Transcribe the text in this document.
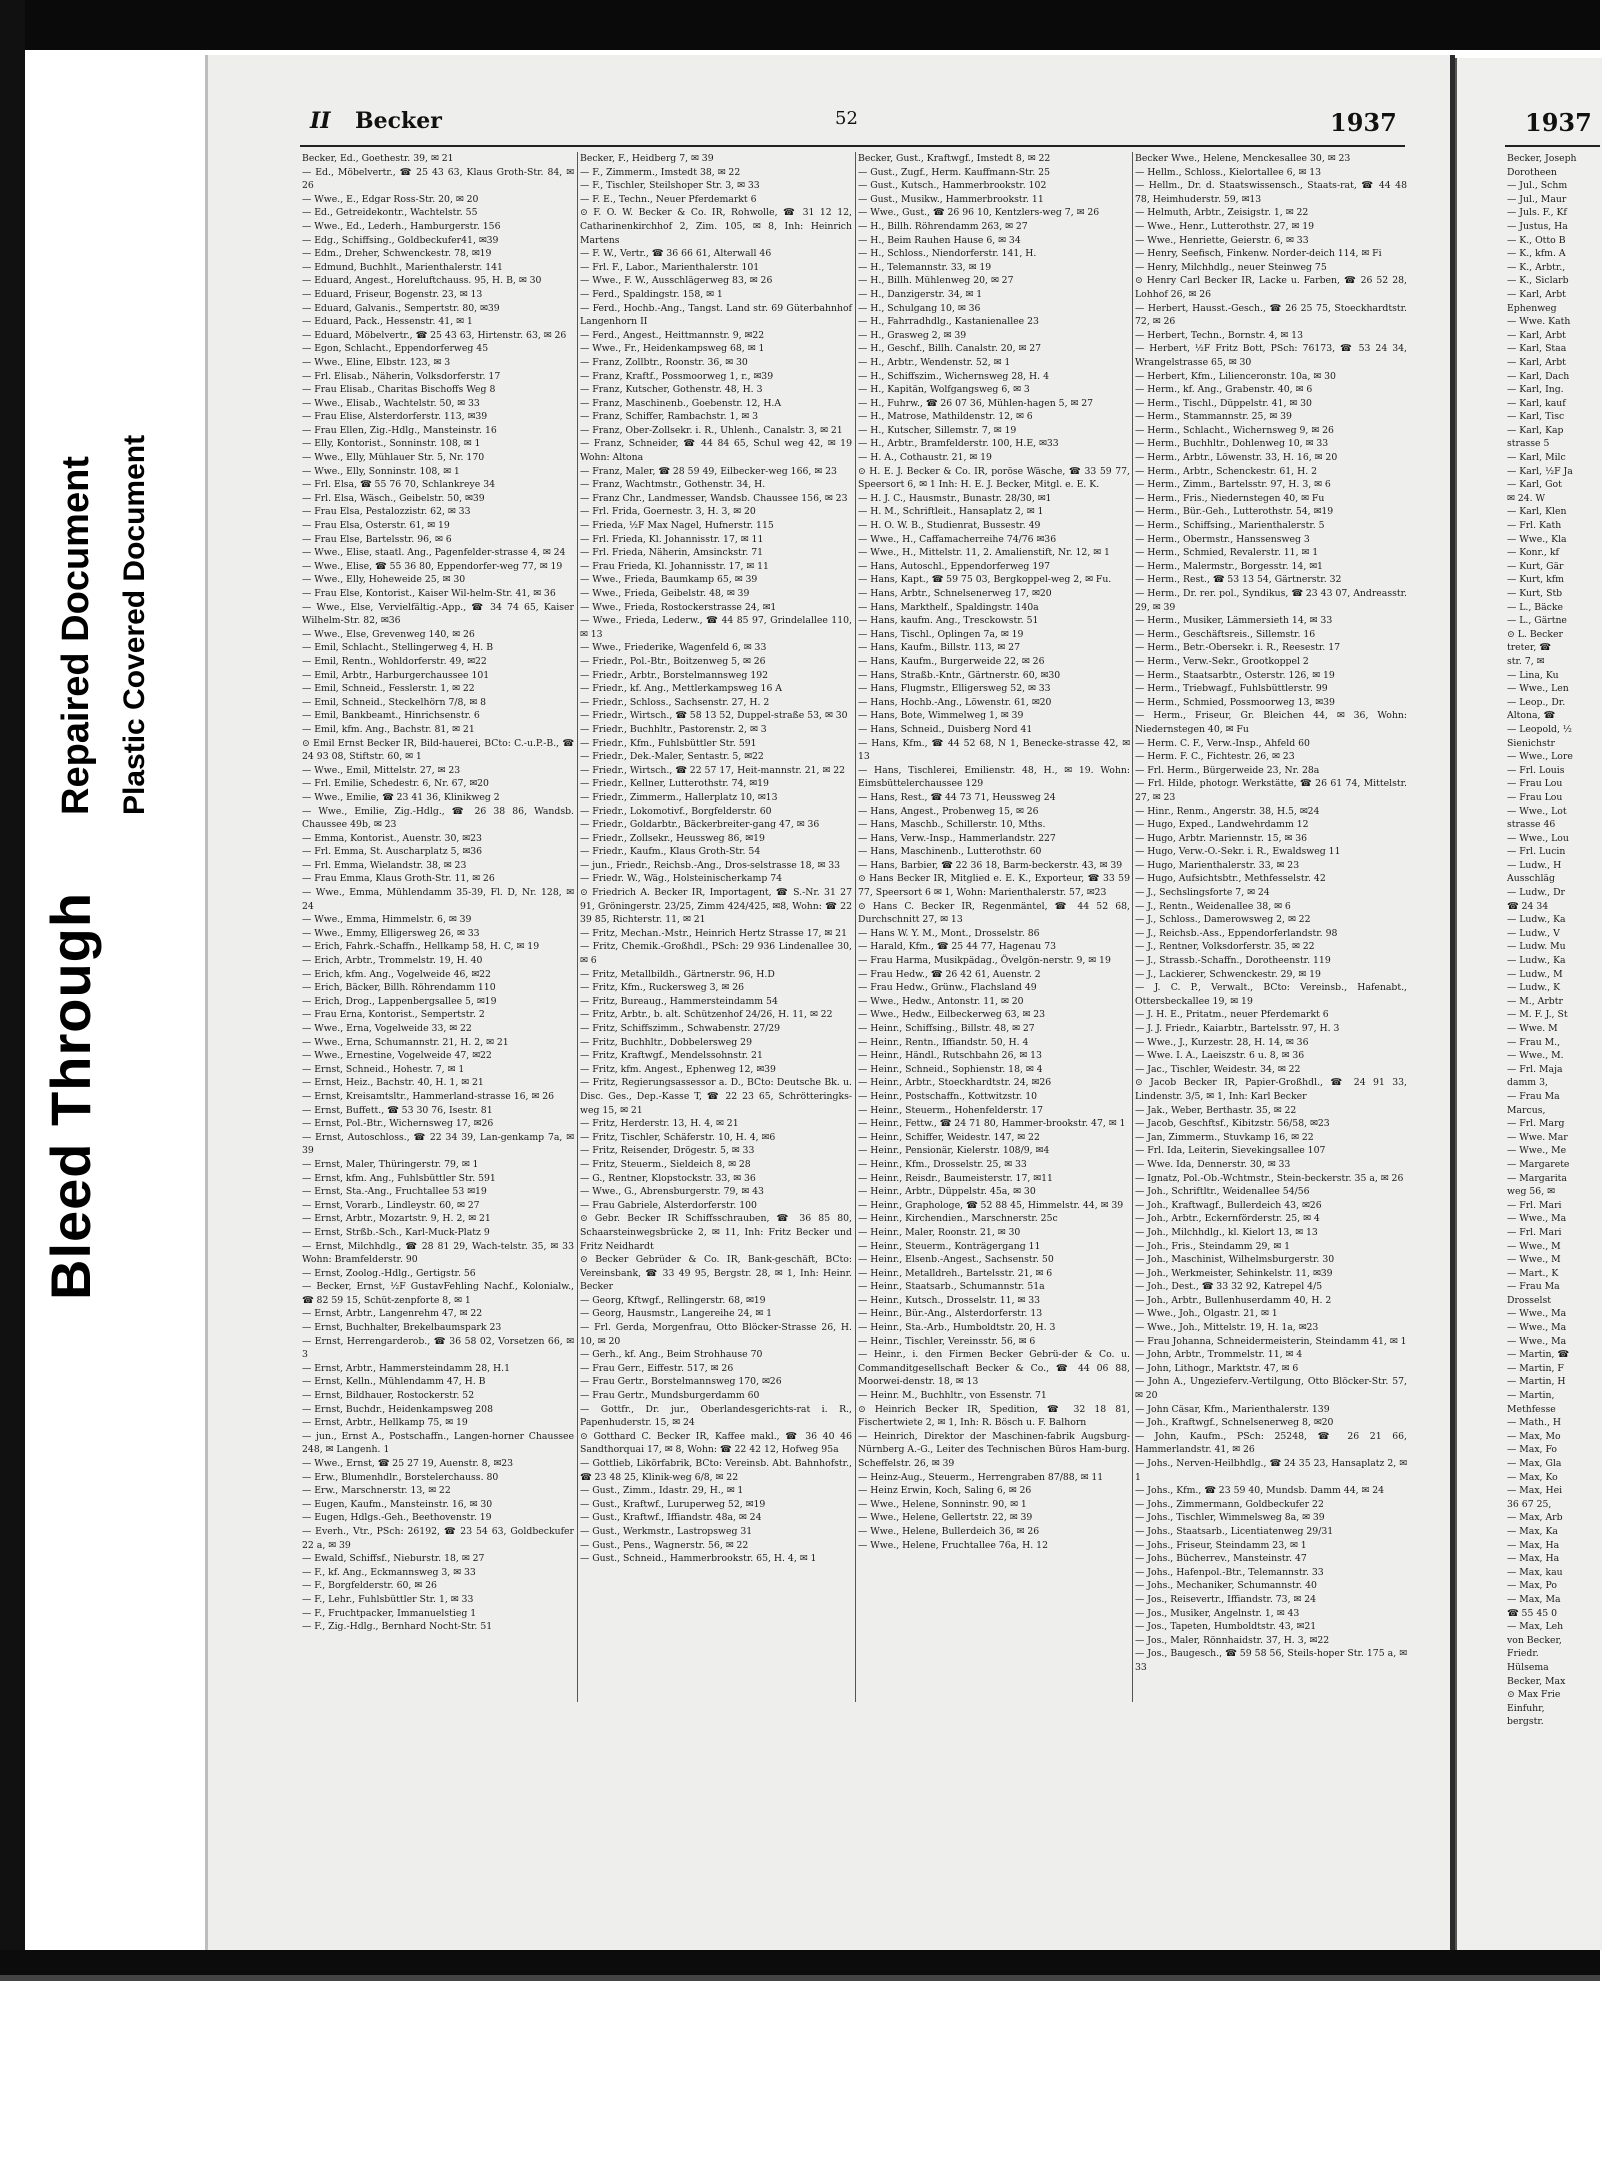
Bleed Through
Repaired Document Plastic Covered Document
II Becker	52	1937	1937

Becker, Ed., Goethestr. 39, ✉ 21

— Ed., Möbelvertr., ☎ 25 43 63, Klaus Groth-Str. 84, ✉ 26

— Wwe., E., Edgar Ross-Str. 20, ✉ 20

— Ed., Getreidekontr., Wachtelstr. 55

— Wwe., Ed., Lederh., Hamburgerstr. 156

— Edg., Schiffsing., Goldbeckufer41, ✉39

— Edm., Dreher, Schwenckestr. 78, ✉19

— Edmund, Buchhlt., Marienthalerstr. 141

— Eduard, Angest., Horeluftchauss. 95, H. B, ✉ 30

— Eduard, Friseur, Bogenstr. 23, ✉ 13

— Eduard, Galvanis., Sempertstr. 80, ✉39

— Eduard, Pack., Hessenstr. 41, ✉ 1

— Eduard, Möbelvertr., ☎ 25 43 63, Hirtenstr. 63, ✉ 26

— Egon, Schlacht., Eppendorferweg 45

— Wwe., Eline, Elbstr. 123, ✉ 3

— Frl. Elisab., Näherin, Volksdorferstr. 17

— Frau Elisab., Charitas Bischoffs Weg 8

— Wwe., Elisab., Wachtelstr. 50, ✉ 33

— Frau Elise, Alsterdorferstr. 113, ✉39

— Frau Ellen, Zig.-Hdlg., Mansteinstr. 16

— Elly, Kontorist., Sonninstr. 108, ✉ 1

— Wwe., Elly, Mühlauer Str. 5, Nr. 170

— Wwe., Elly, Sonninstr. 108, ✉ 1

— Frl. Elsa, ☎ 55 76 70, Schlankreye 34

— Frl. Elsa, Wäsch., Geibelstr. 50, ✉39

— Frau Elsa, Pestalozzistr. 62, ✉ 33

— Frau Elsa, Osterstr. 61, ✉ 19

— Frau Else, Bartelsstr. 96, ✉ 6

— Wwe., Elise, staatl. Ang., Pagenfelder-strasse 4, ✉ 24

— Wwe., Elise, ☎ 55 36 80, Eppendorfer-weg 77, ✉ 19

— Wwe., Elly, Hoheweide 25, ✉ 30

— Frau Else, Kontorist., Kaiser Wil-helm-Str. 41, ✉ 36

— Wwe., Else, Vervielfältig.-App., ☎ 34 74 65, Kaiser Wilhelm-Str. 82, ✉36

— Wwe., Else, Grevenweg 140, ✉ 26

— Emil, Schlacht., Stellingerweg 4, H. B

— Emil, Rentn., Wohldorferstr. 49, ✉22

— Emil, Arbtr., Harburgerchaussee 101

— Emil, Schneid., Fesslerstr. 1, ✉ 22

— Emil, Schneid., Steckelhörn 7/8, ✉ 8

— Emil, Bankbeamt., Hinrichsenstr. 6

— Emil, kfm. Ang., Bachstr. 81, ✉ 21

⊙ Emil Ernst Becker IR, Bild-hauerei, BCto: C.-u.P.-B., ☎ 24 93 08, Stiftstr. 60, ✉ 1

— Wwe., Emil, Mittelstr. 27, ✉ 23

— Frl. Emilie, Schedestr. 6, Nr. 67, ✉20

— Wwe., Emilie, ☎ 23 41 36, Klinikweg 2

— Wwe., Emilie, Zig.-Hdlg., ☎ 26 38 86, Wandsb. Chaussee 49b, ✉ 23

— Emma, Kontorist., Auenstr. 30, ✉23

— Frl. Emma, St. Auscharplatz 5, ✉36

— Frl. Emma, Wielandstr. 38, ✉ 23

— Frau Emma, Klaus Groth-Str. 11, ✉ 26

— Wwe., Emma, Mühlendamm 35-39, Fl. D, Nr. 128, ✉ 24

— Wwe., Emma, Himmelstr. 6, ✉ 39

— Wwe., Emmy, Elligersweg 26, ✉ 33

— Erich, Fahrk.-Schaffn., Hellkamp 58, H. C, ✉ 19

— Erich, Arbtr., Trommelstr. 19, H. 40

— Erich, kfm. Ang., Vogelweide 46, ✉22

— Erich, Bäcker, Billh. Röhrendamm 110

— Erich, Drog., Lappenbergsallee 5, ✉19

— Frau Erna, Kontorist., Sempertstr. 2

— Wwe., Erna, Vogelweide 33, ✉ 22

— Wwe., Erna, Schumannstr. 21, H. 2, ✉ 21

— Wwe., Ernestine, Vogelweide 47, ✉22

— Ernst, Schneid., Hohestr. 7, ✉ 1

— Ernst, Heiz., Bachstr. 40, H. 1, ✉ 21

— Ernst, Kreisamtsltr., Hammerland-strasse 16, ✉ 26

— Ernst, Buffett., ☎ 53 30 76, Isestr. 81

— Ernst, Pol.-Btr., Wichernsweg 17, ✉26

— Ernst, Autoschloss., ☎ 22 34 39, Lan-genkamp 7a, ✉ 39

— Ernst, Maler, Thüringerstr. 79, ✉ 1

— Ernst, kfm. Ang., Fuhlsbüttler Str. 591

— Ernst, Sta.-Ang., Fruchtallee 53 ✉19

— Ernst, Vorarb., Lindleystr. 60, ✉ 27

— Ernst, Arbtr., Mozartstr. 9, H. 2, ✉ 21

— Ernst, Strßb.-Sch., Karl-Muck-Platz 9

— Ernst, Milchhdlg., ☎ 28 81 29, Wach-telstr. 35, ✉ 33 Wohn: Bramfelderstr. 90

— Ernst, Zoolog.-Hdlg., Gertigstr. 56

— Becker, Ernst, ½F GustavFehling Nachf., Kolonialw., ☎ 82 59 15, Schüt-zenpforte 8, ✉ 1

— Ernst, Arbtr., Langenrehm 47, ✉ 22

— Ernst, Buchhalter, Brekelbaumspark 23

— Ernst, Herrengarderob., ☎ 36 58 02, Vorsetzen 66, ✉ 3

— Ernst, Arbtr., Hammersteindamm 28, H.1

— Ernst, Kelln., Mühlendamm 47, H. B

— Ernst, Bildhauer, Rostockerstr. 52

— Ernst, Buchdr., Heidenkampsweg 208

— Ernst, Arbtr., Hellkamp 75, ✉ 19

— jun., Ernst A., Postschaffn., Langen-horner Chaussee 248, ✉ Langenh. 1

— Wwe., Ernst, ☎ 25 27 19, Auenstr. 8, ✉23

— Erw., Blumenhdlr., Borstelerchauss. 80

— Erw., Marschnerstr. 13, ✉ 22

— Eugen, Kaufm., Mansteinstr. 16, ✉ 30

— Eugen, Hdlgs.-Geh., Beethovenstr. 19

— Everh., Vtr., PSch: 26192, ☎ 23 54 63, Goldbeckufer 22 a, ✉ 39

— Ewald, Schiffsf., Nieburstr. 18, ✉ 27

— F., kf. Ang., Eckmannsweg 3, ✉ 33

— F., Borgfelderstr. 60, ✉ 26

— F., Lehr., Fuhlsbüttler Str. 1, ✉ 33

— F., Fruchtpacker, Immanuelstieg 1

— F., Zig.-Hdlg., Bernhard Nocht-Str. 51

Becker, F., Heidberg 7, ✉ 39

— F., Zimmerm., Imstedt 38, ✉ 22

— F., Tischler, Steilshoper Str. 3, ✉ 33

— F. E., Techn., Neuer Pferdemarkt 6

⊙ F. O. W. Becker & Co. IR, Rohwolle, ☎ 31 12 12, Catharinenkirchhof 2, Zim. 105, ✉ 8, Inh: Heinrich Martens

— F. W., Vertr., ☎ 36 66 61, Alterwall 46

— Frl. F., Labor., Marienthalerstr. 101

— Wwe., F. W., Ausschlägerweg 83, ✉ 26

— Ferd., Spaldingstr. 158, ✉ 1

— Ferd., Hochb.-Ang., Tangst. Land str. 69 Güterbahnhof Langenhorn II

— Ferd., Angest., Heittmannstr. 9, ✉22

— Wwe., Fr., Heidenkampsweg 68, ✉ 1

— Franz, Zollbtr., Roonstr. 36, ✉ 30

— Franz, Kraftf., Possmoorweg 1, r., ✉39

— Franz, Kutscher, Gothenstr. 48, H. 3

— Franz, Maschinenb., Goebenstr. 12, H.A

— Franz, Schiffer, Rambachstr. 1, ✉ 3

— Franz, Ober-Zollsekr. i. R., Uhlenh., Canalstr. 3, ✉ 21

— Franz, Schneider, ☎ 44 84 65, Schul weg 42, ✉ 19 Wohn: Altona

— Franz, Maler, ☎ 28 59 49, Eilbecker-weg 166, ✉ 23

— Franz, Wachtmstr., Gothenstr. 34, H.

— Franz Chr., Landmesser, Wandsb. Chaussee 156, ✉ 23

— Frl. Frida, Goernestr. 3, H. 3, ✉ 20

— Frieda, ½F Max Nagel, Hufnerstr. 115

— Frl. Frieda, Kl. Johannisstr. 17, ✉ 11

— Frl. Frieda, Näherin, Amsinckstr. 71

— Frau Frieda, Kl. Johannisstr. 17, ✉ 11

— Wwe., Frieda, Baumkamp 65, ✉ 39

— Wwe., Frieda, Geibelstr. 48, ✉ 39

— Wwe., Frieda, Rostockerstrasse 24, ✉1

— Wwe., Frieda, Lederw., ☎ 44 85 97, Grindelallee 110, ✉ 13

— Wwe., Friederike, Wagenfeld 6, ✉ 33

— Friedr., Pol.-Btr., Boitzenweg 5, ✉ 26

— Friedr., Arbtr., Borstelmannsweg 192

— Friedr., kf. Ang., Mettlerkampsweg 16 A

— Friedr., Schloss., Sachsenstr. 27, H. 2

— Friedr., Wirtsch., ☎ 58 13 52, Duppel-straße 53, ✉ 30

— Friedr., Buchhltr., Pastorenstr. 2, ✉ 3

— Friedr., Kfm., Fuhlsbüttler Str. 591

— Friedr., Dek.-Maler, Sentastr. 5, ✉22

— Friedr., Wirtsch., ☎ 22 57 17, Heit-mannstr. 21, ✉ 22

— Friedr., Kellner, Lutterothstr. 74, ✉19

— Friedr., Zimmerm., Hallerplatz 10, ✉13

— Friedr., Lokomotivf., Borgfelderstr. 60

— Friedr., Goldarbtr., Bäckerbreiter-gang 47, ✉ 36

— Friedr., Zollsekr., Heussweg 86, ✉19

— Friedr., Kaufm., Klaus Groth-Str. 54

— jun., Friedr., Reichsb.-Ang., Dros-selstrasse 18, ✉ 33

— Friedr. W., Wäg., Holsteinischerkamp 74

⊙ Friedrich A. Becker IR, Importagent, ☎ S.-Nr. 31 27 91, Gröningerstr. 23/25, Zimm 424/425, ✉8, Wohn: ☎ 22 39 85, Richterstr. 11, ✉ 21

— Fritz, Mechan.-Mstr., Heinrich Hertz Strasse 17, ✉ 21

— Fritz, Chemik.-Großhdl., PSch: 29 936 Lindenallee 30, ✉ 6

— Fritz, Metallbildh., Gärtnerstr. 96, H.D

— Fritz, Kfm., Ruckersweg 3, ✉ 26

— Fritz, Bureaug., Hammersteindamm 54

— Fritz, Arbtr., b. alt. Schützenhof 24/26, H. 11, ✉ 22

— Fritz, Schiffszimm., Schwabenstr. 27/29

— Fritz, Buchhltr., Dobbelersweg 29

— Fritz, Kraftwgf., Mendelssohnstr. 21

— Fritz, kfm. Angest., Ephenweg 12, ✉39

— Fritz, Regierungsassessor a. D., BCto: Deutsche Bk. u. Disc. Ges., Dep.-Kasse T, ☎ 22 23 65, Schrötteringks-weg 15, ✉ 21

— Fritz, Herderstr. 13, H. 4, ✉ 21

— Fritz, Tischler, Schäferstr. 10, H. 4, ✉6

— Fritz, Reisender, Drögestr. 5, ✉ 33

— Fritz, Steuerm., Sieldeich 8, ✉ 28

— G., Rentner, Klopstockstr. 33, ✉ 36

— Wwe., G., Abrensburgerstr. 79, ✉ 43

— Frau Gabriele, Alsterdorferstr. 100

⊙ Gebr. Becker IR Schiffsschrauben, ☎ 36 85 80, Schaarsteinwegsbrücke 2, ✉ 11, Inh: Fritz Becker und Fritz Neidhardt

⊙ Becker Gebrüder & Co. IR, Bank-geschäft, BCto: Vereinsbank, ☎ 33 49 95, Bergstr. 28, ✉ 1, Inh: Heinr. Becker

— Georg, Kftwgf., Rellingerstr. 68, ✉19

— Georg, Hausmstr., Langereihe 24, ✉ 1

— Frl. Gerda, Morgenfrau, Otto Blöcker-Strasse 26, H. 10, ✉ 20

— Gerh., kf. Ang., Beim Strohhause 70

— Frau Gerr., Eiffestr. 517, ✉ 26

— Frau Gertr., Borstelmannsweg 170, ✉26

— Frau Gertr., Mundsburgerdamm 60

— Gottfr., Dr. jur., Oberlandesgerichts-rat i. R., Papenhuderstr. 15, ✉ 24

⊙ Gotthard C. Becker IR, Kaffee makl., ☎ 36 40 46 Sandthorquai 17, ✉ 8, Wohn: ☎ 22 42 12, Hofweg 95a

— Gottlieb, Likörfabrik, BCto: Vereinsb. Abt. Bahnhofstr., ☎ 23 48 25, Klinik-weg 6/8, ✉ 22

— Gust., Zimm., Idastr. 29, H., ✉ 1

— Gust., Kraftwf., Luruperweg 52, ✉19

— Gust., Kraftwf., Iffiandstr. 48a, ✉ 24

— Gust., Werkmstr., Lastropsweg 31

— Gust., Pens., Wagnerstr. 56, ✉ 22

— Gust., Schneid., Hammerbrookstr. 65, H. 4, ✉ 1

Becker, Gust., Kraftwgf., Imstedt 8, ✉ 22

— Gust., Zugf., Herm. Kauffmann-Str. 25

— Gust., Kutsch., Hammerbrookstr. 102

— Gust., Musikw., Hammerbrookstr. 11

— Wwe., Gust., ☎ 26 96 10, Kentzlers-weg 7, ✉ 26

— H., Billh. Röhrendamm 263, ✉ 27

— H., Beim Rauhen Hause 6, ✉ 34

— H., Schloss., Niendorferstr. 141, H.

— H., Telemannstr. 33, ✉ 19

— H., Billh. Mühlenweg 20, ✉ 27

— H., Danzigerstr. 34, ✉ 1

— H., Schulgang 10, ✉ 36

— H., Fahrradhdlg., Kastanienallee 23

— H., Grasweg 2, ✉ 39

— H., Geschf., Billh. Canalstr. 20, ✉ 27

— H., Arbtr., Wendenstr. 52, ✉ 1

— H., Schiffszim., Wichernsweg 28, H. 4

— H., Kapitän, Wolfgangsweg 6, ✉ 3

— H., Fuhrw., ☎ 26 07 36, Mühlen-hagen 5, ✉ 27

— H., Matrose, Mathildenstr. 12, ✉ 6

— H., Kutscher, Sillemstr. 7, ✉ 19

— H., Arbtr., Bramfelderstr. 100, H.E, ✉33

— H. A., Cothaustr. 21, ✉ 19

⊙ H. E. J. Becker & Co. IR, poröse Wäsche, ☎ 33 59 77, Speersort 6, ✉ 1 Inh: H. E. J. Becker, Mitgl. e. E. K.

— H. J. C., Hausmstr., Bunastr. 28/30, ✉1

— H. M., Schriftleit., Hansaplatz 2, ✉ 1

— H. O. W. B., Studienrat, Bussestr. 49

— Wwe., H., Caffamacherreihe 74/76 ✉36

— Wwe., H., Mittelstr. 11, 2. Amalienstift, Nr. 12, ✉ 1

— Hans, Autoschl., Eppendorferweg 197

— Hans, Kapt., ☎ 59 75 03, Bergkoppel-weg 2, ✉ Fu.

— Hans, Arbtr., Schnelsenerweg 17, ✉20

— Hans, Markthelf., Spaldingstr. 140a

— Hans, kaufm. Ang., Tresckowstr. 51

— Hans, Tischl., Oplingen 7a, ✉ 19

— Hans, Kaufm., Billstr. 113, ✉ 27

— Hans, Kaufm., Burgerweide 22, ✉ 26

— Hans, Straßb.-Kntr., Gärtnerstr. 60, ✉30

— Hans, Flugmstr., Elligersweg 52, ✉ 33

— Hans, Hochb.-Ang., Löwenstr. 61, ✉20

— Hans, Bote, Wimmelweg 1, ✉ 39

— Hans, Schneid., Duisberg Nord 41

— Hans, Kfm., ☎ 44 52 68, N 1, Benecke-strasse 42, ✉ 13

— Hans, Tischlerei, Emilienstr. 48, H., ✉ 19. Wohn: Eimsbüttelerchaussee 129

— Hans, Rest., ☎ 44 73 71, Heussweg 24

— Hans, Angest., Probenweg 15, ✉ 26

— Hans, Maschb., Schillerstr. 10, Mths.

— Hans, Verw.-Insp., Hammerlandstr. 227

— Hans, Maschinenb., Lutterothstr. 60

— Hans, Barbier, ☎ 22 36 18, Barm-beckerstr. 43, ✉ 39

⊙ Hans Becker IR, Mitglied e. E. K., Exporteur, ☎ 33 59 77, Speersort 6 ✉ 1, Wohn: Marienthalerstr. 57, ✉23

⊙ Hans C. Becker IR, Regenmäntel, ☎ 44 52 68, Durchschnitt 27, ✉ 13

— Hans W. Y. M., Mont., Drosselstr. 86

— Harald, Kfm., ☎ 25 44 77, Hagenau 73

— Frau Harma, Musikpädag., Övelgön-nerstr. 9, ✉ 19

— Frau Hedw., ☎ 26 42 61, Auenstr. 2

— Frau Hedw., Grünw., Flachsland 49

— Wwe., Hedw., Antonstr. 11, ✉ 20

— Wwe., Hedw., Eilbeckerweg 63, ✉ 23

— Heinr., Schiffsing., Billstr. 48, ✉ 27

— Heinr., Rentn., Iffiandstr. 50, H. 4

— Heinr., Händl., Rutschbahn 26, ✉ 13

— Heinr., Schneid., Sophienstr. 18, ✉ 4

— Heinr., Arbtr., Stoeckhardtstr. 24, ✉26

— Heinr., Postschaffn., Kottwitzstr. 10

— Heinr., Steuerm., Hohenfelderstr. 17

— Heinr., Fettw., ☎ 24 71 80, Hammer-brookstr. 47, ✉ 1

— Heinr., Schiffer, Weidestr. 147, ✉ 22

— Heinr., Pensionär, Kielerstr. 108/9, ✉4

— Heinr., Kfm., Drosselstr. 25, ✉ 33

— Heinr., Reisdr., Baumeisterstr. 17, ✉11

— Heinr., Arbtr., Düppelstr. 45a, ✉ 30

— Heinr., Graphologe, ☎ 52 88 45, Himmelstr. 44, ✉ 39

— Heinr., Kirchendien., Marschnerstr. 25c

— Heinr., Maler, Roonstr. 21, ✉ 30

— Heinr., Steuerm., Konträgergang 11

— Heinr., Elsenb.-Angest., Sachsenstr. 50

— Heinr., Metalldreh., Bartelsstr. 21, ✉ 6

— Heinr., Staatsarb., Schumannstr. 51a

— Heinr., Kutsch., Drosselstr. 11, ✉ 33

— Heinr., Bür.-Ang., Alsterdorferstr. 13

— Heinr., Sta.-Arb., Humboldtstr. 20, H. 3

— Heinr., Tischler, Vereinsstr. 56, ✉ 6

— Heinr., i. den Firmen Becker Gebrü-der & Co. u. Commanditgesellschaft Becker & Co., ☎ 44 06 88, Moorwei-denstr. 18, ✉ 13

— Heinr. M., Buchhltr., von Essenstr. 71

⊙ Heinrich Becker IR, Spedition, ☎ 32 18 81, Fischertwiete 2, ✉ 1, Inh: R. Bösch u. F. Balhorn

— Heinrich, Direktor der Maschinen-fabrik Augsburg-Nürnberg A.-G., Leiter des Technischen Büros Ham-burg. Scheffelstr. 26, ✉ 39

— Heinz-Aug., Steuerm., Herrengraben 87/88, ✉ 11

— Heinz Erwin, Koch, Saling 6, ✉ 26

— Wwe., Helene, Sonninstr. 90, ✉ 1

— Wwe., Helene, Gellertstr. 22, ✉ 39

— Wwe., Helene, Bullerdeich 36, ✉ 26

— Wwe., Helene, Fruchtallee 76a, H. 12

Becker Wwe., Helene, Menckesallee 30, ✉ 23

— Hellm., Schloss., Kielortallee 6, ✉ 13

— Hellm., Dr. d. Staatswissensch., Staats-rat, ☎ 44 48 78, Heimhuderstr. 59, ✉13

— Helmuth, Arbtr., Zeisigstr. 1, ✉ 22

— Wwe., Henr., Lutterothstr. 27, ✉ 19

— Wwe., Henriette, Geierstr. 6, ✉ 33

— Henry, Seefisch, Finkenw. Norder-deich 114, ✉ Fi

— Henry, Milchhdlg., neuer Steinweg 75

⊙ Henry Carl Becker IR, Lacke u. Farben, ☎ 26 52 28, Lohhof 26, ✉ 26

— Herbert, Hausst.-Gesch., ☎ 26 25 75, Stoeckhardtstr. 72, ✉ 26

— Herbert, Techn., Bornstr. 4, ✉ 13

— Herbert, ½F Fritz Bott, PSch: 76173, ☎ 53 24 34, Wrangelstrasse 65, ✉ 30

— Herbert, Kfm., Lilienceronstr. 10a, ✉ 30

— Herm., kf. Ang., Grabenstr. 40, ✉ 6

— Herm., Tischl., Düppelstr. 41, ✉ 30

— Herm., Stammannstr. 25, ✉ 39

— Herm., Schlacht., Wichernsweg 9, ✉ 26

— Herm., Buchhltr., Dohlenweg 10, ✉ 33

— Herm., Arbtr., Löwenstr. 33, H. 16, ✉ 20

— Herm., Arbtr., Schenckestr. 61, H. 2

— Herm., Zimm., Bartelsstr. 97, H. 3, ✉ 6

— Herm., Fris., Niedernstegen 40, ✉ Fu

— Herm., Bür.-Geh., Lutterothstr. 54, ✉19

— Herm., Schiffsing., Marienthalerstr. 5

— Herm., Obermstr., Hanssensweg 3

— Herm., Schmied, Revalerstr. 11, ✉ 1

— Herm., Malermstr., Borgesstr. 14, ✉1

— Herm., Rest., ☎ 53 13 54, Gärtnerstr. 32

— Herm., Dr. rer. pol., Syndikus, ☎ 23 43 07, Andreasstr. 29, ✉ 39

— Herm., Musiker, Lämmersieth 14, ✉ 33

— Herm., Geschäftsreis., Sillemstr. 16

— Herm., Betr.-Obersekr. i. R., Reesestr. 17

— Herm., Verw.-Sekr., Grootkoppel 2

— Herm., Staatsarbtr., Osterstr. 126, ✉ 19

— Herm., Triebwagf., Fuhlsbüttlerstr. 99

— Herm., Schmied, Possmoorweg 13, ✉39

— Herm., Friseur, Gr. Bleichen 44, ✉ 36, Wohn: Niedernstegen 40, ✉ Fu

— Herm. C. F., Verw.-Insp., Ahfeld 60

— Herm. F. C., Fichtestr. 26, ✉ 23

— Frl. Herm., Bürgerweide 23, Nr. 28a

— Frl. Hilde, photogr. Werkstätte, ☎ 26 61 74, Mittelstr. 27, ✉ 23

— Hinr., Renm., Angerstr. 38, H.5, ✉24

— Hugo, Exped., Landwehrdamm 12

— Hugo, Arbtr. Mariennstr. 15, ✉ 36

— Hugo, Verw.-O.-Sekr. i. R., Ewaldsweg 11

— Hugo, Marienthalerstr. 33, ✉ 23

— Hugo, Aufsichtsbtr., Methfesselstr. 42

— J., Sechslingsforte 7, ✉ 24

— J., Rentn., Weidenallee 38, ✉ 6

— J., Schloss., Damerowsweg 2, ✉ 22

— J., Reichsb.-Ass., Eppendorferlandstr. 98

— J., Rentner, Volksdorferstr. 35, ✉ 22

— J., Strassb.-Schaffn., Dorotheenstr. 119

— J., Lackierer, Schwenckestr. 29, ✉ 19

— J. C. P., Verwalt., BCto: Vereinsb., Hafenabt., Ottersbeckallee 19, ✉ 19

— J. H. E., Pritatm., neuer Pferdemarkt 6

— J. J. Friedr., Kaiarbtr., Bartelsstr. 97, H. 3

— Wwe., J., Kurzestr. 28, H. 14, ✉ 36

— Wwe. I. A., Laeiszstr. 6 u. 8, ✉ 36

— Jac., Tischler, Weidestr. 34, ✉ 22

⊙ Jacob Becker IR, Papier-Großhdl., ☎ 24 91 33, Lindenstr. 3/5, ✉ 1, Inh: Karl Becker

— Jak., Weber, Berthastr. 35, ✉ 22

— Jacob, Geschftsf., Kibitzstr. 56/58, ✉23

— Jan, Zimmerm., Stuvkamp 16, ✉ 22

— Frl. Ida, Leiterin, Sievekingsallee 107

— Wwe. Ida, Dennerstr. 30, ✉ 33

— Ignatz, Pol.-Ob.-Wchtmstr., Stein-beckerstr. 35 a, ✉ 26

— Joh., Schriftltr., Weidenallee 54/56

— Joh., Kraftwagf., Bullerdeich 43, ✉26

— Joh., Arbtr., Eckernförderstr. 25, ✉ 4

— Joh., Milchhdlg., kl. Kielort 13, ✉ 13

— Joh., Fris., Steindamm 29, ✉ 1

— Joh., Maschinist, Wilhelmsburgerstr. 30

— Joh., Werkmeister, Sehinkelstr. 11, ✉39

— Joh., Dest., ☎ 33 32 92, Katrepel 4/5

— Joh., Arbtr., Bullenhuserdamm 40, H. 2

— Wwe., Joh., Olgastr. 21, ✉ 1

— Wwe., Joh., Mittelstr. 19, H. 1a, ✉23

— Frau Johanna, Schneidermeisterin, Steindamm 41, ✉ 1

— John, Arbtr., Trommelstr. 11, ✉ 4

— John, Lithogr., Marktstr. 47, ✉ 6

— John A., Ungezieferv.-Vertilgung, Otto Blöcker-Str. 57, ✉ 20

— John Cäsar, Kfm., Marienthalerstr. 139

— Joh., Kraftwgf., Schnelsenerweg 8, ✉20

— John, Kaufm., PSch: 25248, ☎ 26 21 66, Hammerlandstr. 41, ✉ 26

— Johs., Nerven-Heilbhdlg., ☎ 24 35 23, Hansaplatz 2, ✉ 1

— Johs., Kfm., ☎ 23 59 40, Mundsb. Damm 44, ✉ 24

— Johs., Zimmermann, Goldbeckufer 22

— Johs., Tischler, Wimmelsweg 8a, ✉ 39

— Johs., Staatsarb., Licentiatenweg 29/31

— Johs., Friseur, Steindamm 23, ✉ 1

— Johs., Bücherrev., Mansteinstr. 47

— Johs., Hafenpol.-Btr., Telemannstr. 33

— Johs., Mechaniker, Schumannstr. 40

— Jos., Reisevertr., Iffiandstr. 73, ✉ 24

— Jos., Musiker, Angelnstr. 1, ✉ 43

— Jos., Tapeten, Humboldtstr. 43, ✉21

— Jos., Maler, Rönnhaidstr. 37, H. 3, ✉22

— Jos., Baugesch., ☎ 59 58 56, Steils-hoper Str. 175 a, ✉ 33

Becker, Joseph

Dorotheen

— Jul., Schm

— Jul., Maur

— Juls. F., Kf

— Justus, Ha

— K., Otto B

— K., kfm. A

— K., Arbtr.,

— K., Siclarb

— Karl, Arbt

Ephenweg

— Wwe. Kath

— Karl, Arbt

— Karl, Staa

— Karl, Arbt

— Karl, Dach

— Karl, Ing.

— Karl, kauf

— Karl, Tisc

— Karl, Kap

strasse 5

— Karl, Milc

— Karl, ½F Ja

— Karl, Got

✉ 24. W

— Karl, Klen

— Frl. Kath

— Wwe., Kla

— Konr., kf

— Kurt, Gär

— Kurt, kfm

— Kurt, Stb

— L., Bäcke

— L., Gärtne

⊙ L. Becker

treter, ☎

str. 7, ✉

— Lina, Ku

— Wwe., Len

— Leop., Dr.

Altona, ☎

— Leopold, ½

Sienichstr

— Wwe., Lore

— Frl. Louis

— Frau Lou

— Frau Lou

— Wwe., Lot

strasse 46

— Wwe., Lou

— Frl. Lucin

— Ludw., H

Ausschläg

— Ludw., Dr

☎ 24 34

— Ludw., Ka

— Ludw., V

— Ludw. Mu

— Ludw., Ka

— Ludw., M

— Ludw., K

— M., Arbtr

— M. F. J., St

— Wwe. M

— Frau M.,

— Wwe., M.

— Frl. Maja

damm 3,

— Frau Ma

Marcus,

— Frl. Marg

— Wwe. Mar

— Wwe., Me

— Margarete

— Margarita

weg 56, ✉

— Frl. Mari

— Wwe., Ma

— Frl. Mari

— Wwe., M

— Wwe., M

— Mart., K

— Frau Ma

Drosselst

— Wwe., Ma

— Wwe., Ma

— Wwe., Ma

— Martin, ☎

— Martin, F

— Martin, H

— Martin,

Methfesse

— Math., H

— Max, Mo

— Max, Fo

— Max, Gla

— Max, Ko

— Max, Hei

36 67 25,

— Max, Arb

— Max, Ka

— Max, Ha

— Max, Ha

— Max, kau

— Max, Po

— Max, Ma

☎ 55 45 0

— Max, Leh

von Becker,

Friedr.

Hülsema

Becker, Max

⊙ Max Frie

Einfuhr,

bergstr.
